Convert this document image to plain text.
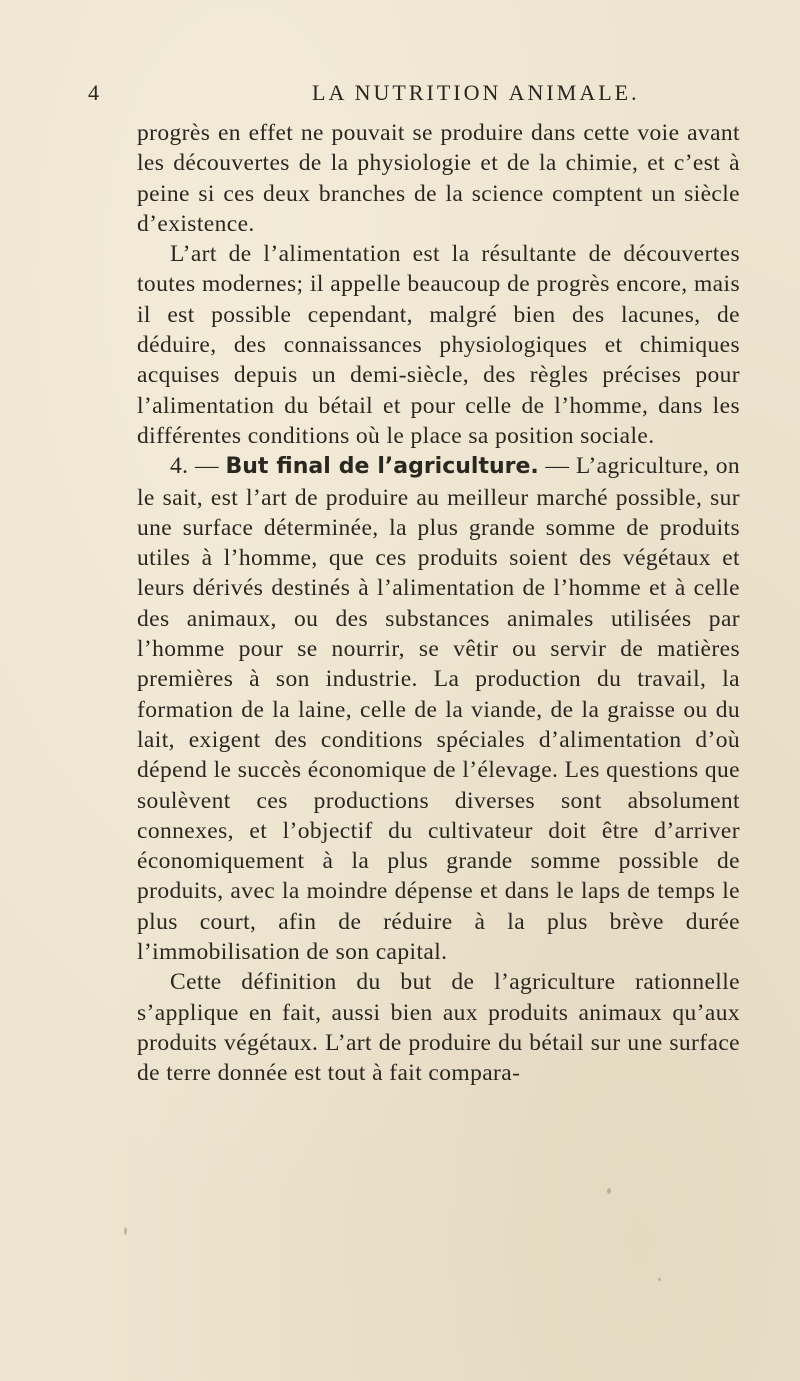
4	LA NUTRITION ANIMALE.

progrès en effet ne pouvait se produire dans cette voie avant les découvertes de la physiologie et de la chimie, et c’est à peine si ces deux branches de la science comptent un siècle d’existence.

L’art de l’alimentation est la résultante de découvertes toutes modernes; il appelle beaucoup de progrès encore, mais il est possible cependant, malgré bien des lacunes, de déduire, des connaissances physiologiques et chimiques acquises depuis un demi-siècle, des règles précises pour l’alimentation du bétail et pour celle de l’homme, dans les différentes conditions où le place sa position sociale.

4. — But final de l’agriculture. — L’agriculture, on le sait, est l’art de produire au meilleur marché possible, sur une surface déterminée, la plus grande somme de produits utiles à l’homme, que ces produits soient des végétaux et leurs dérivés destinés à l’alimentation de l’homme et à celle des animaux, ou des substances animales utilisées par l’homme pour se nourrir, se vêtir ou servir de matières premières à son industrie. La production du travail, la formation de la laine, celle de la viande, de la graisse ou du lait, exigent des conditions spéciales d’alimentation d’où dépend le succès économique de l’élevage. Les questions que soulèvent ces productions diverses sont absolument connexes, et l’objectif du cultivateur doit être d’arriver économiquement à la plus grande somme possible de produits, avec la moindre dépense et dans le laps de temps le plus court, afin de réduire à la plus brève durée l’immobilisation de son capital.

Cette définition du but de l’agriculture rationnelle s’applique en fait, aussi bien aux produits animaux qu’aux produits végétaux. L’art de produire du bétail sur une surface de terre donnée est tout à fait compara-
